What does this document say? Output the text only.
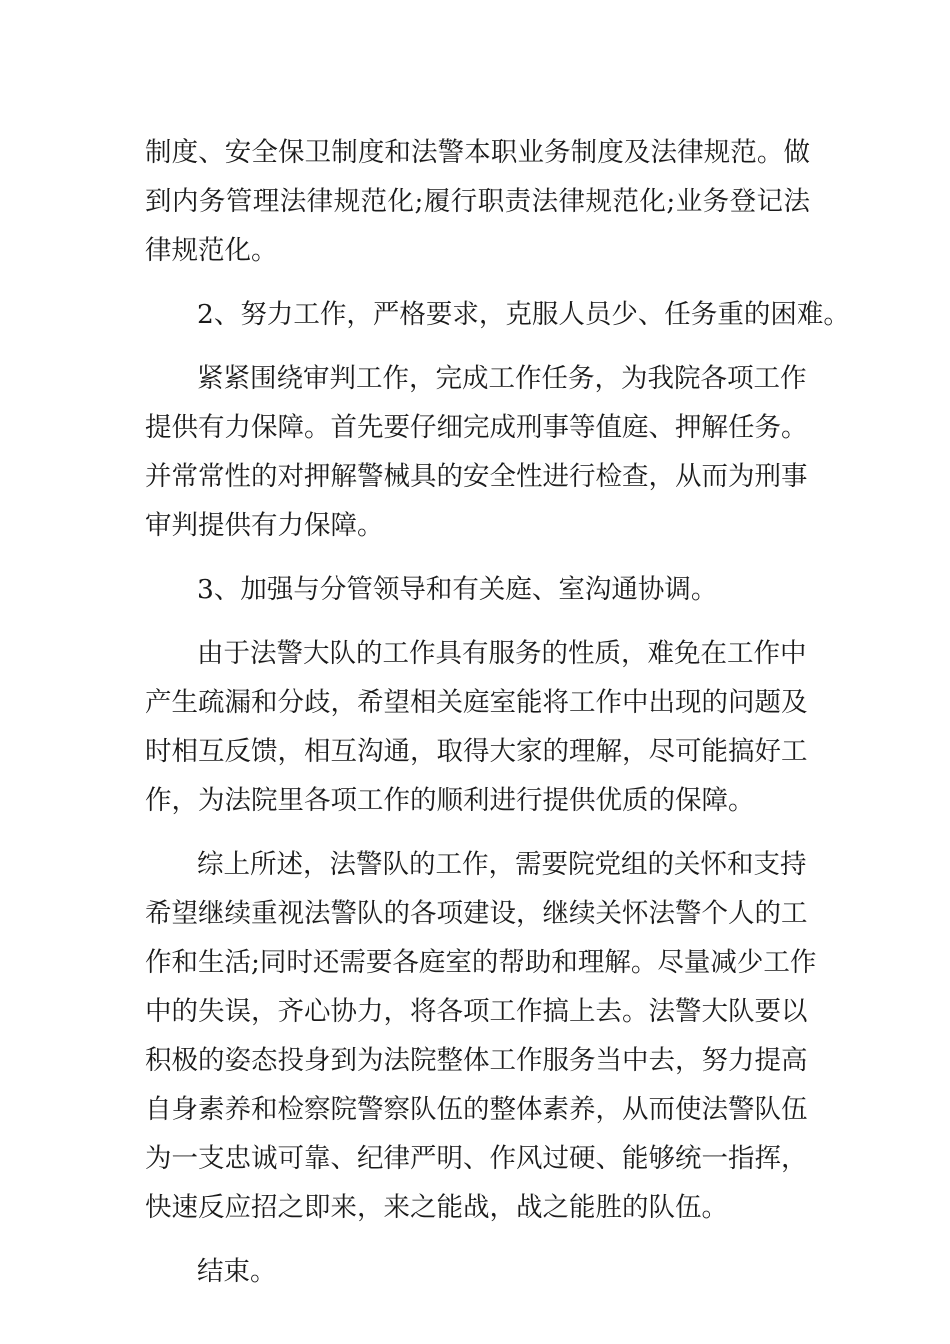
制度、安全保卫制度和法警本职业务制度及法律规范。做
到内务管理法律规范化;履行职责法律规范化;业务登记法
律规范化。
2、努力工作，严格要求，克服人员少、任务重的困难。
紧紧围绕审判工作，完成工作任务，为我院各项工作
提供有力保障。首先要仔细完成刑事等值庭、押解任务。
并常常性的对押解警械具的安全性进行检查，从而为刑事
审判提供有力保障。
3、加强与分管领导和有关庭、室沟通协调。
由于法警大队的工作具有服务的性质，难免在工作中
产生疏漏和分歧，希望相关庭室能将工作中出现的问题及
时相互反馈，相互沟通，取得大家的理解，尽可能搞好工
作，为法院里各项工作的顺利进行提供优质的保障。
综上所述，法警队的工作，需要院党组的关怀和支持
希望继续重视法警队的各项建设，继续关怀法警个人的工
作和生活;同时还需要各庭室的帮助和理解。尽量减少工作
中的失误，齐心协力，将各项工作搞上去。法警大队要以
积极的姿态投身到为法院整体工作服务当中去，努力提高
自身素养和检察院警察队伍的整体素养，从而使法警队伍
为一支忠诚可靠、纪律严明、作风过硬、能够统一指挥，
快速反应招之即来，来之能战，战之能胜的队伍。
结束。
